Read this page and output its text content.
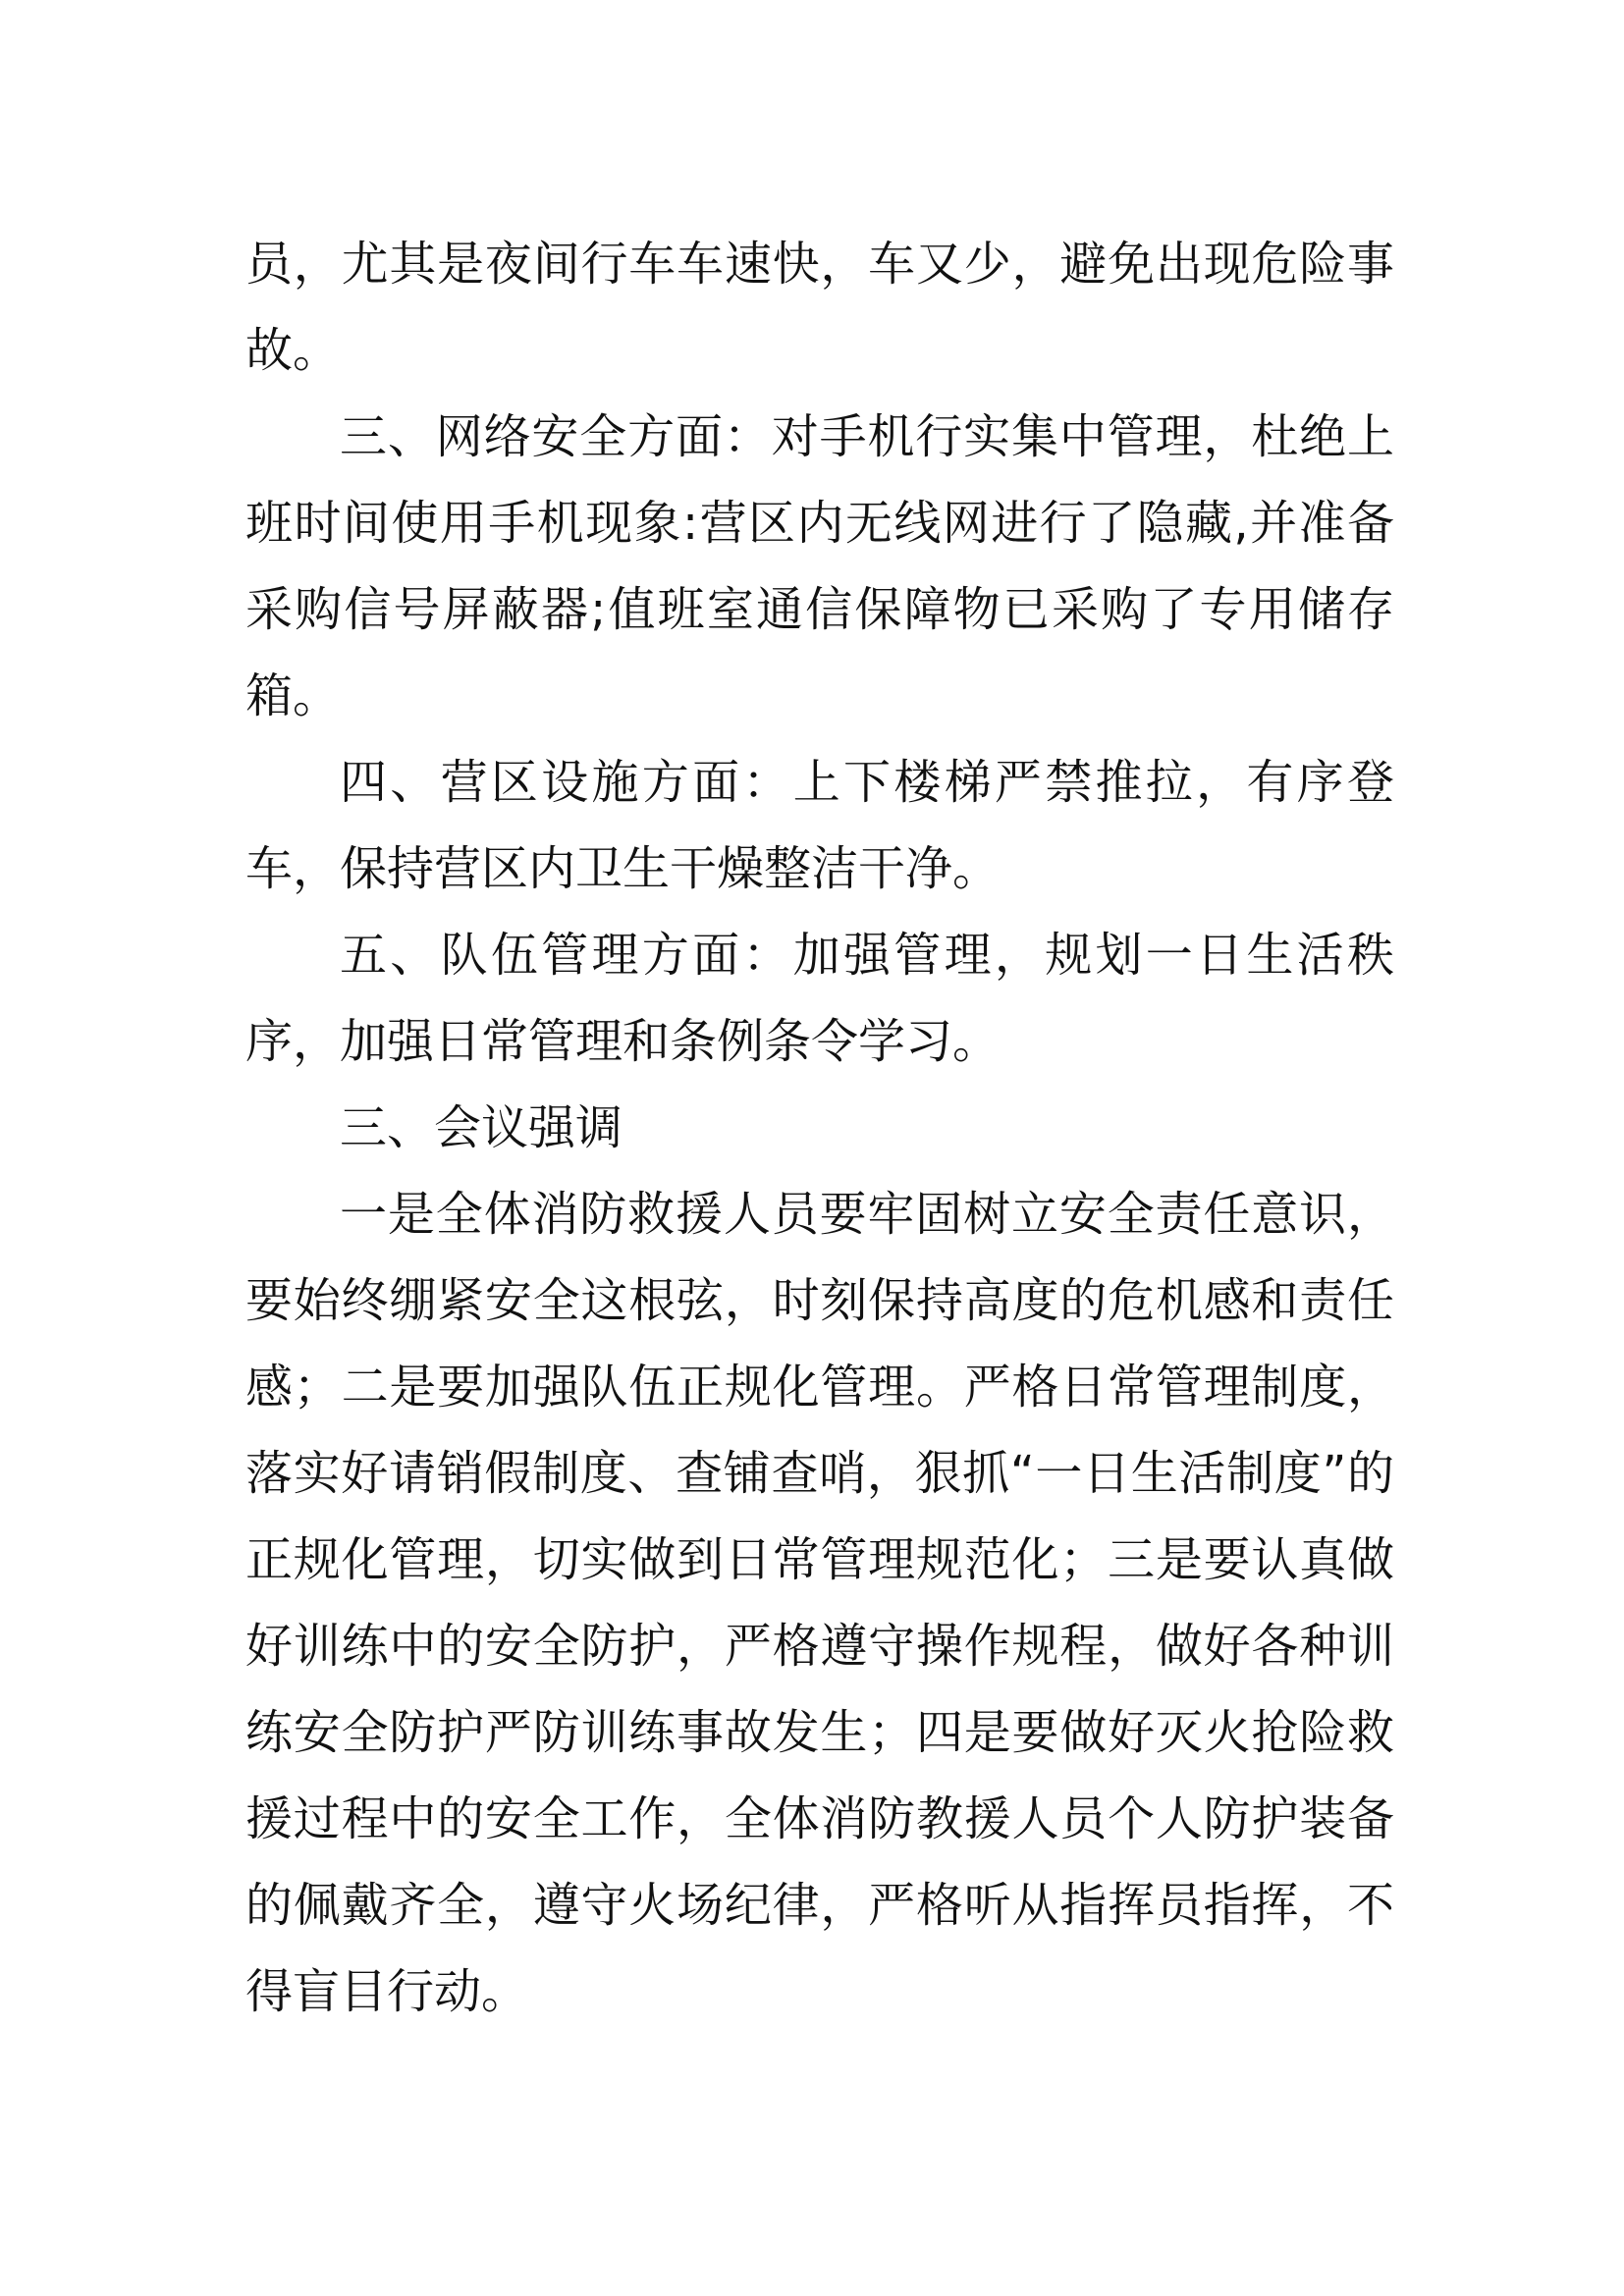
员，尤其是夜间行车车速快，车又少，避免出现危险事故。

三、网络安全方面：对手机行实集中管理，杜绝上班时间使用手机现象:营区内无线网进行了隐藏,并准备采购信号屏蔽器;值班室通信保障物已采购了专用储存箱。

四、营区设施方面：上下楼梯严禁推拉，有序登车，保持营区内卫生干燥整洁干净。

五、队伍管理方面：加强管理，规划一日生活秩序，加强日常管理和条例条令学习。

三、会议强调

一是全体消防救援人员要牢固树立安全责任意识，要始终绷紧安全这根弦，时刻保持高度的危机感和责任感；二是要加强队伍正规化管理。严格日常管理制度，落实好请销假制度、查铺查哨，狠抓“一日生活制度”的正规化管理，切实做到日常管理规范化；三是要认真做好训练中的安全防护，严格遵守操作规程，做好各种训练安全防护严防训练事故发生；四是要做好灭火抢险救援过程中的安全工作，全体消防教援人员个人防护装备的佩戴齐全，遵守火场纪律，严格听从指挥员指挥，不得盲目行动。
